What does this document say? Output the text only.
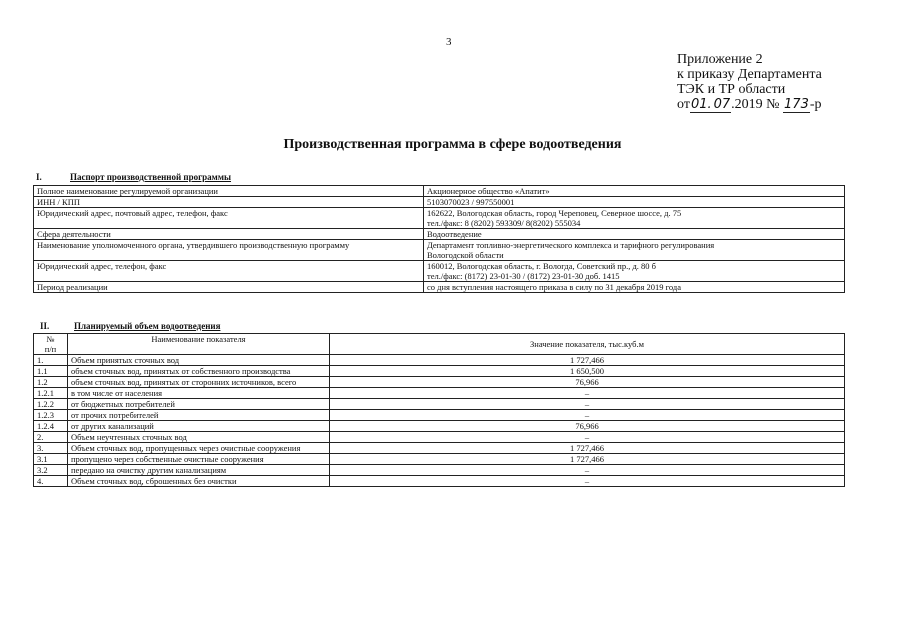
3
Приложение 2
к приказу Департамента
ТЭК и ТР области
от01. 07.2019 № 173-р
Производственная программа в сфере водоотведения
I.	Паспорт производственной программы
Полное наименование регулируемой организации	Акционерное общество «Апатит»

ИНН / КПП	5103070023 / 997550001

Юридический адрес, почтовый адрес, телефон, факс	162622, Вологодская область, город Череповец, Северное шоссе, д. 75
тел./факс: 8 (8202) 593309/ 8(8202) 555034

Сфера деятельности	Водоотведение

Наименование уполномоченного органа, утвердившего производственную программу	Департамент топливно-энергетического комплекса и тарифного регулирования
Вологодской области

Юридический адрес, телефон, факс	160012, Вологодская область, г. Вологда, Советский пр., д. 80 б
тел./факс: (8172) 23-01-30 / (8172) 23-01-30 доб. 1415

Период реализации	со дня вступления настоящего приказа в силу по 31 декабря 2019 года
II.	Планируемый объем водоотведения
№
п/п	Наименование показателя	Значение показателя, тыс.куб.м
1.	Объем принятых сточных вод	1 727,466
1.1	объем сточных вод, принятых от собственного производства	1 650,500
1.2	объем сточных вод, принятых от сторонних источников, всего	76,966
1.2.1	в том числе от населения	–
1.2.2	от бюджетных потребителей	–
1.2.3	от прочих потребителей	–
1.2.4	от других канализаций	76,966
2.	Объем неучтенных сточных вод	–
3.	Объем сточных вод, пропущенных через очистные сооружения	1 727,466
3.1	пропущено через собственные очистные сооружения	1 727,466
3.2	передано на очистку другим канализациям	–
4.	Объем сточных вод, сброшенных без очистки	–
